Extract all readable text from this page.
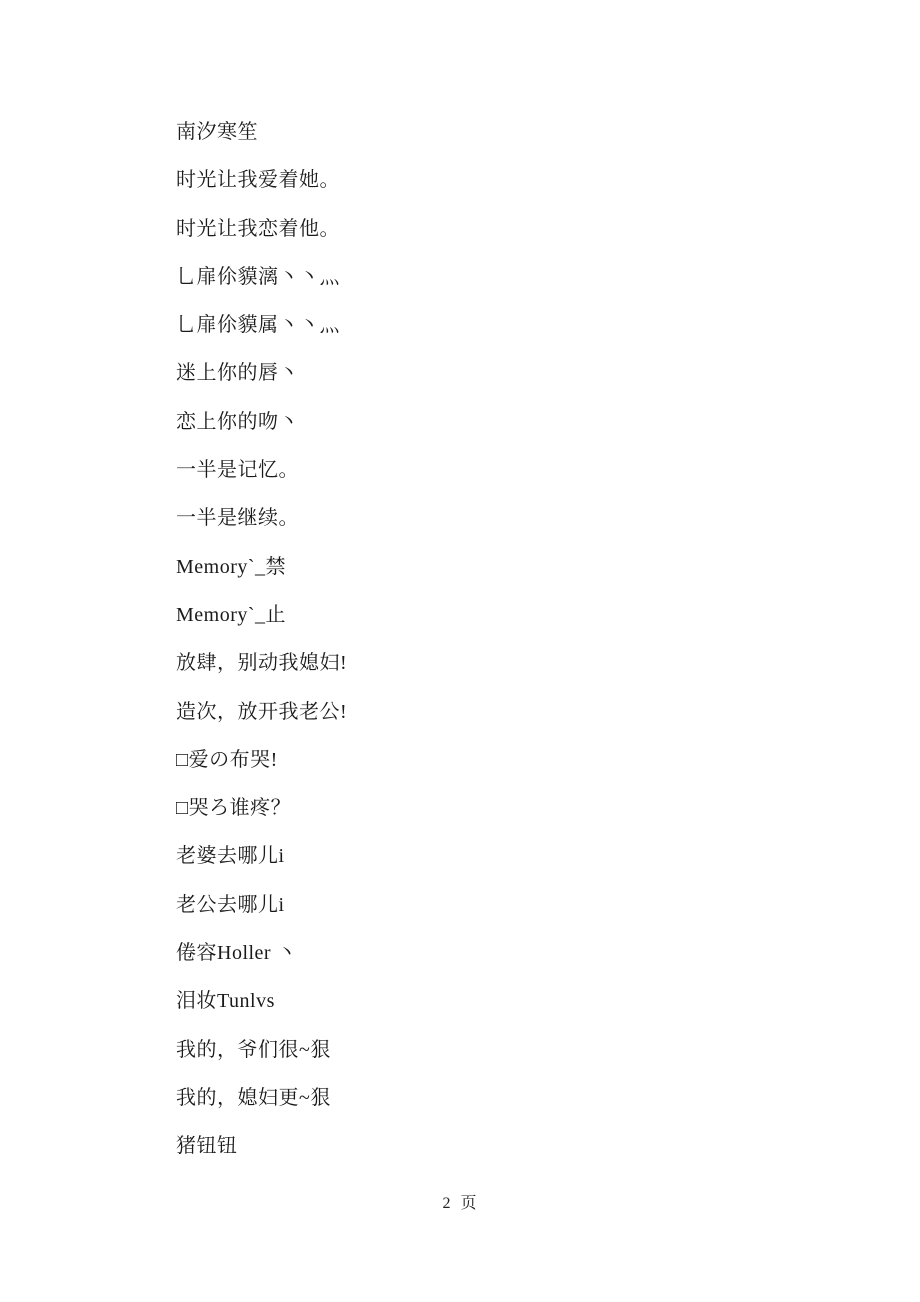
南汐寒笙
时光让我爱着她。
时光让我恋着他。
乚扉伱貘漓丶丶灬
乚扉伱貘属丶丶灬
迷上你的唇丶
恋上你的吻丶
一半是记忆。
一半是继续。
Memory`_禁
Memory`_止
放肆，别动我媳妇!
造次，放开我老公!
□爱の布哭!
□哭ろ谁疼？
老婆去哪儿i
老公去哪儿i
倦容Holler 丶
泪妆Tunlvs
我的，爷们很~狠
我的，媳妇更~狠
猪钮钮
2 页
